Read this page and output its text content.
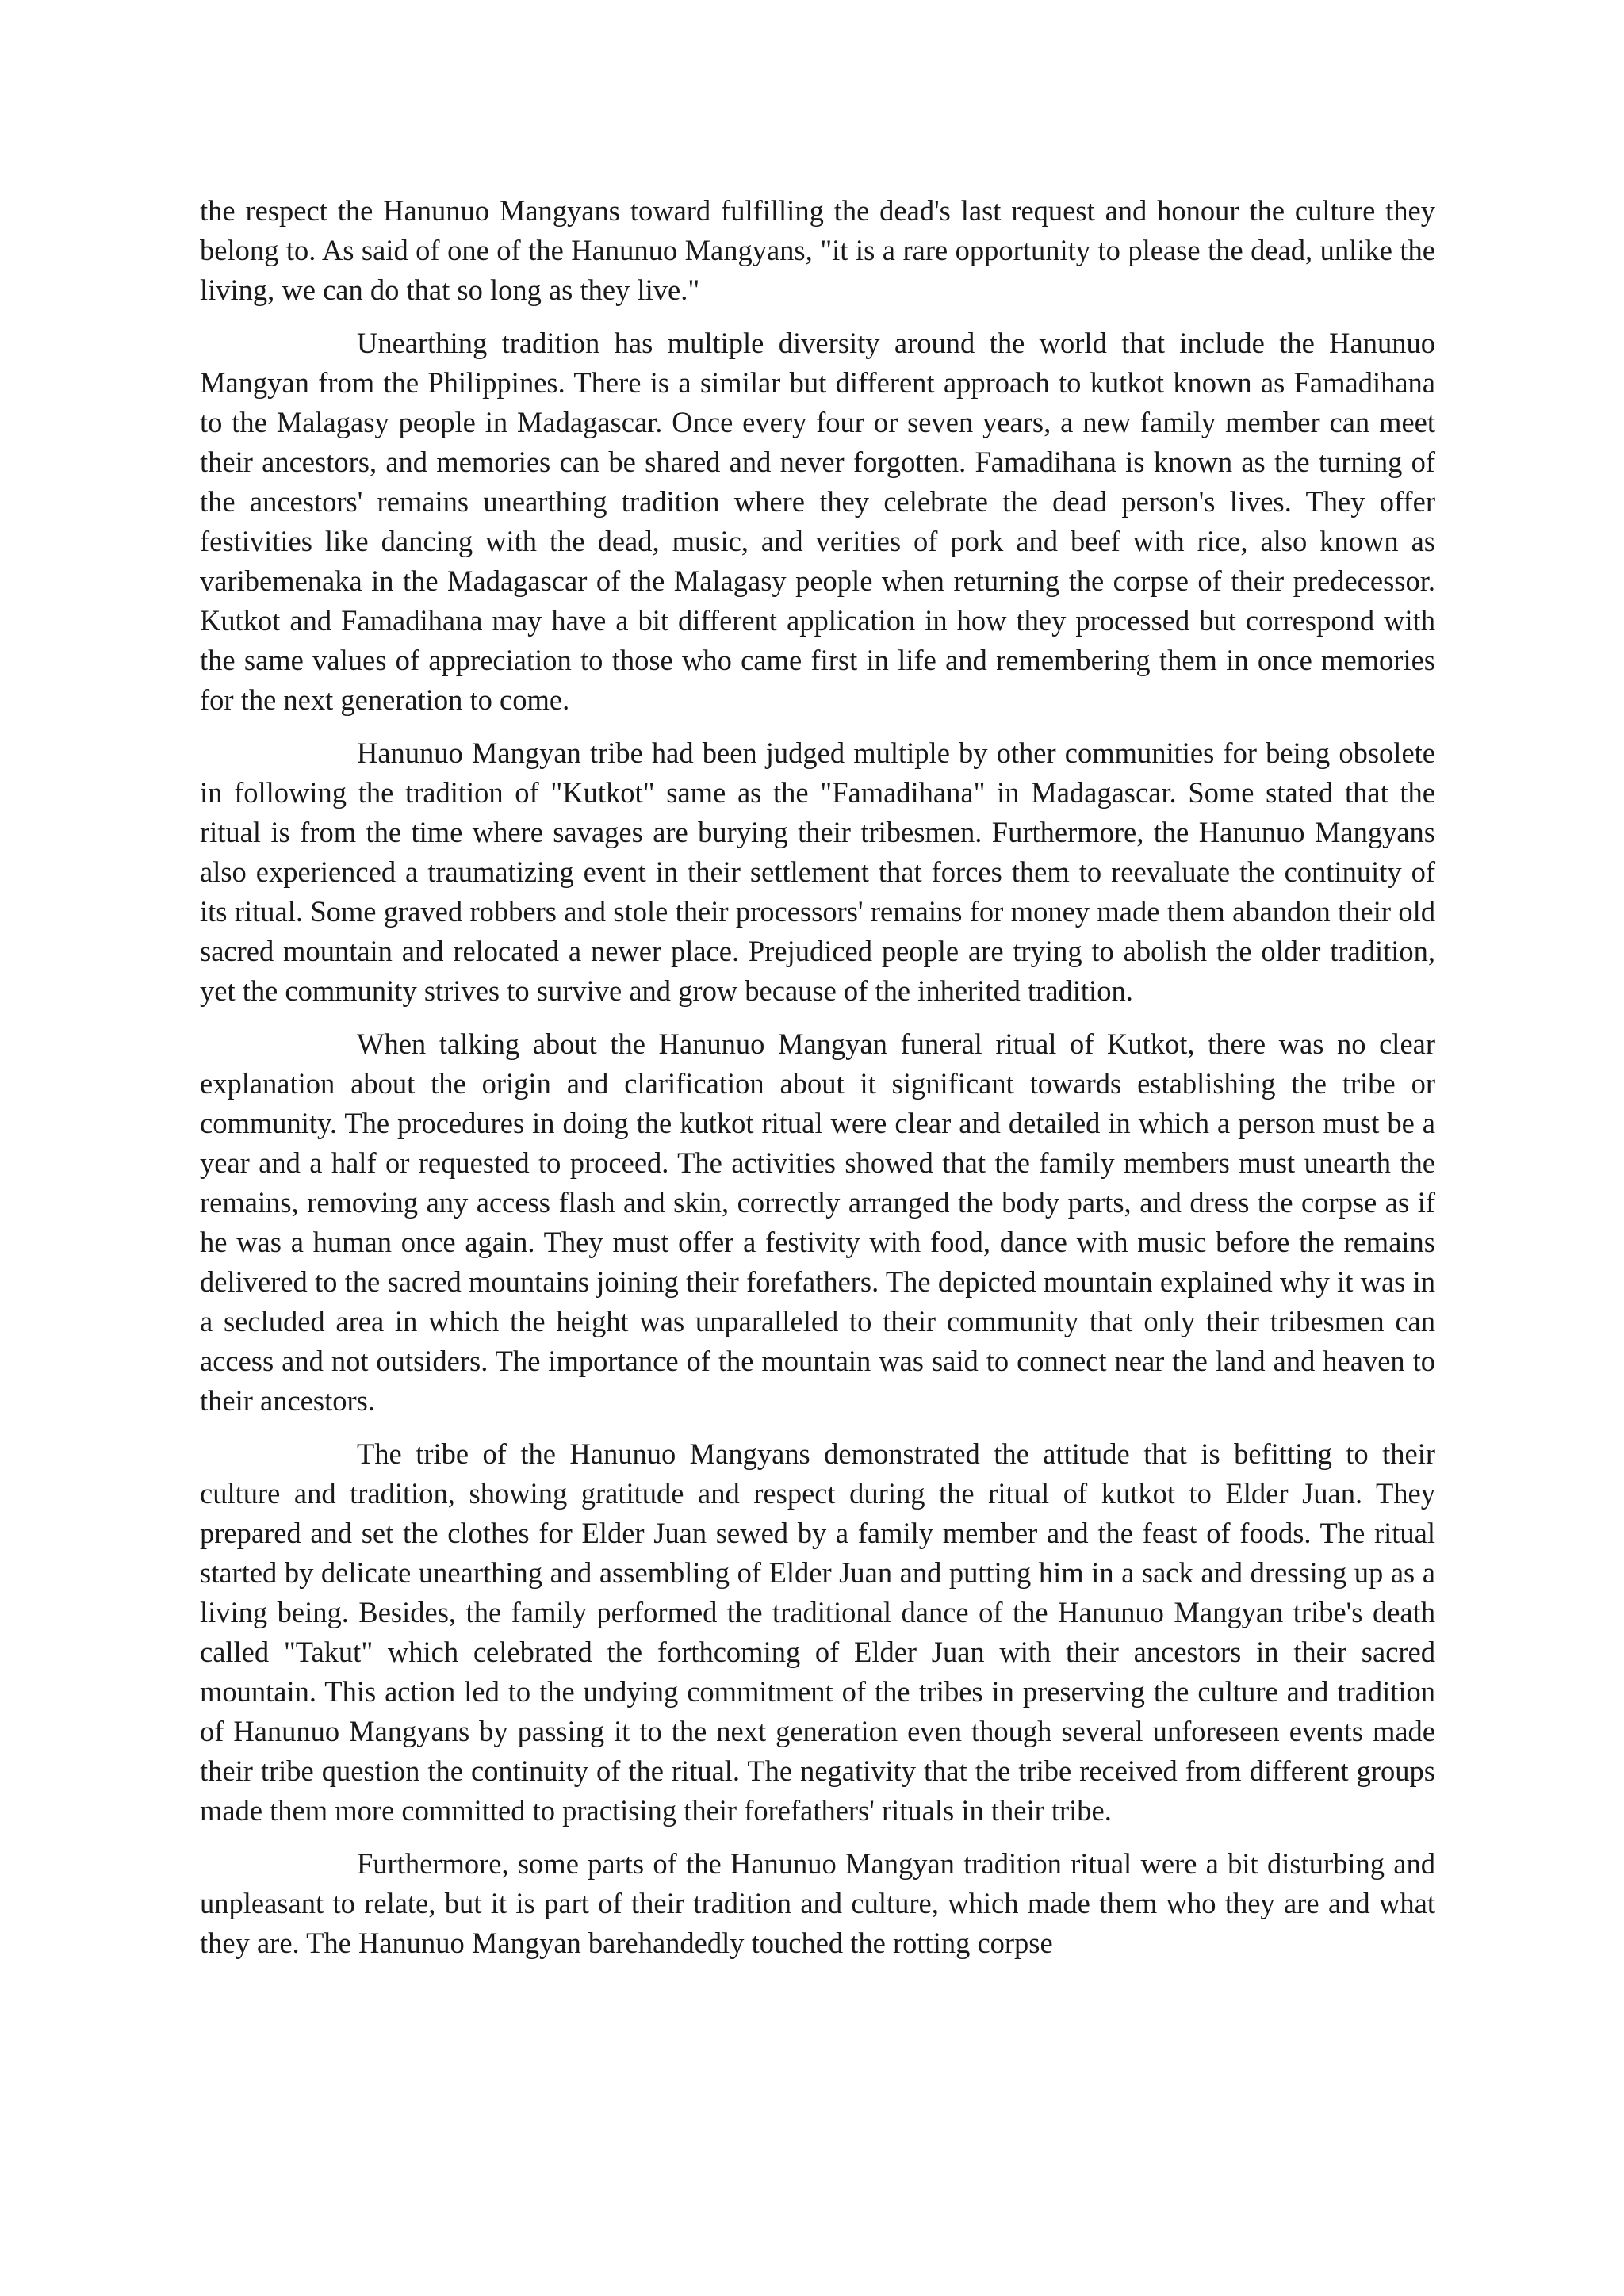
the respect the Hanunuo Mangyans toward fulfilling the dead's last request and honour the culture they belong to. As said of one of the Hanunuo Mangyans, "it is a rare opportunity to please the dead, unlike the living, we can do that so long as they live."

Unearthing tradition has multiple diversity around the world that include the Hanunuo Mangyan from the Philippines. There is a similar but different approach to kutkot known as Famadihana to the Malagasy people in Madagascar. Once every four or seven years, a new family member can meet their ancestors, and memories can be shared and never forgotten. Famadihana is known as the turning of the ancestors' remains unearthing tradition where they celebrate the dead person's lives. They offer festivities like dancing with the dead, music, and verities of pork and beef with rice, also known as varibemenaka in the Madagascar of the Malagasy people when returning the corpse of their predecessor. Kutkot and Famadihana may have a bit different application in how they processed but correspond with the same values of appreciation to those who came first in life and remembering them in once memories for the next generation to come.

Hanunuo Mangyan tribe had been judged multiple by other communities for being obsolete in following the tradition of "Kutkot" same as the "Famadihana" in Madagascar. Some stated that the ritual is from the time where savages are burying their tribesmen. Furthermore, the Hanunuo Mangyans also experienced a traumatizing event in their settlement that forces them to reevaluate the continuity of its ritual. Some graved robbers and stole their processors' remains for money made them abandon their old sacred mountain and relocated a newer place. Prejudiced people are trying to abolish the older tradition, yet the community strives to survive and grow because of the inherited tradition.

When talking about the Hanunuo Mangyan funeral ritual of Kutkot, there was no clear explanation about the origin and clarification about it significant towards establishing the tribe or community. The procedures in doing the kutkot ritual were clear and detailed in which a person must be a year and a half or requested to proceed. The activities showed that the family members must unearth the remains, removing any access flash and skin, correctly arranged the body parts, and dress the corpse as if he was a human once again. They must offer a festivity with food, dance with music before the remains delivered to the sacred mountains joining their forefathers. The depicted mountain explained why it was in a secluded area in which the height was unparalleled to their community that only their tribesmen can access and not outsiders. The importance of the mountain was said to connect near the land and heaven to their ancestors.

The tribe of the Hanunuo Mangyans demonstrated the attitude that is befitting to their culture and tradition, showing gratitude and respect during the ritual of kutkot to Elder Juan. They prepared and set the clothes for Elder Juan sewed by a family member and the feast of foods. The ritual started by delicate unearthing and assembling of Elder Juan and putting him in a sack and dressing up as a living being. Besides, the family performed the traditional dance of the Hanunuo Mangyan tribe's death called "Takut" which celebrated the forthcoming of Elder Juan with their ancestors in their sacred mountain. This action led to the undying commitment of the tribes in preserving the culture and tradition of Hanunuo Mangyans by passing it to the next generation even though several unforeseen events made their tribe question the continuity of the ritual. The negativity that the tribe received from different groups made them more committed to practising their forefathers' rituals in their tribe.

Furthermore, some parts of the Hanunuo Mangyan tradition ritual were a bit disturbing and unpleasant to relate, but it is part of their tradition and culture, which made them who they are and what they are. The Hanunuo Mangyan barehandedly touched the rotting corpse
